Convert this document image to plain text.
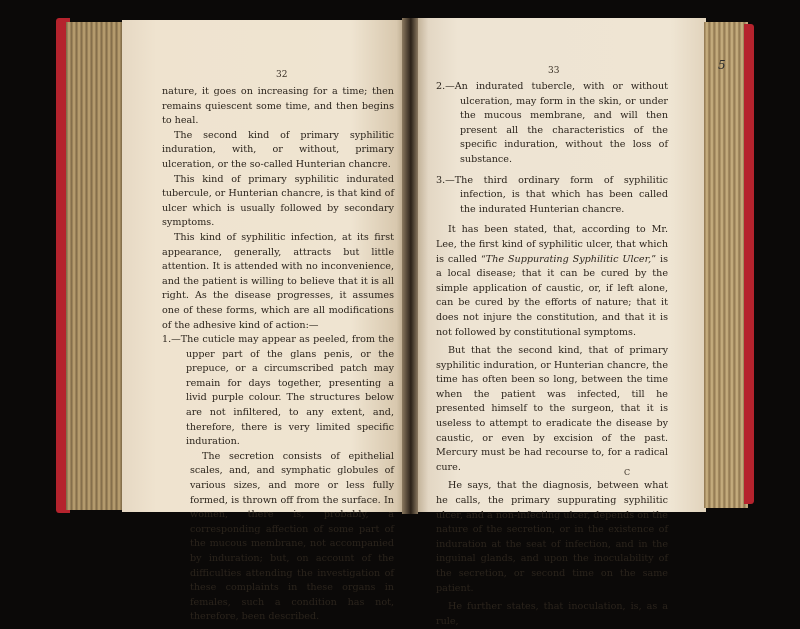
32

nature, it goes on increasing for a time; then remains quiescent some time, and then begins to heal.

The second kind of primary syphilitic induration, with, or without, primary ulceration, or the so-called Hunterian chancre.

This kind of primary syphilitic indurated tubercule, or Hunterian chancre, is that kind of ulcer which is usually followed by secondary symptoms.

This kind of syphilitic infection, at its first appearance, generally, attracts but little attention. It is attended with no inconvenience, and the patient is willing to believe that it is all right. As the disease progresses, it assumes one of these forms, which are all modifications of the adhesive kind of action:—

1.—The cuticle may appear as peeled, from the upper part of the glans penis, or the prepuce, or a circumscribed patch may remain for days together, presenting a livid purple colour. The structures below are not infiltered, to any extent, and, therefore, there is very limited specific induration.

The secretion consists of epithelial scales, and, and symphatic globules of various sizes, and more or less fully formed, is thrown off from the surface. In women, there is, probably, a corresponding affection of some part of the mucous membrane, not accompanied by induration; but, on account of the difficulties attending the investigation of these complaints in these organs in females, such a condition has not, therefore, been described.

33

2.—An indurated tubercle, with or without ulceration, may form in the skin, or under the mucous membrane, and will then present all the characteristics of the specific induration, without the loss of substance.

3.—The third ordinary form of syphilitic infection, is that which has been called the indurated Hunterian chancre.

It has been stated, that, according to Mr. Lee, the first kind of syphilitic ulcer, that which is called “The Suppurating Syphilitic Ulcer,” is a local disease; that it can be cured by the simple application of caustic, or, if left alone, can be cured by the efforts of nature; that it does not injure the constitution, and that it is not followed by constitutional symptoms.

But that the second kind, that of primary syphilitic induration, or Hunterian chancre, the time has often been so long, between the time when the patient was infected, till he presented himself to the surgeon, that it is useless to attempt to eradicate the disease by caustic, or even by excision of the past. Mercury must be had recourse to, for a radical cure.

He says, that the diagnosis, between what he calls, the primary suppurating syphilitic ulcer, and a non-infecting ulcer, depends on the nature of the secretion, or in the existence of induration at the seat of infection, and in the inguinal glands, and upon the inoculability of the secretion, or second time on the same patient.

He further states, that inoculation, is, as a rule,

C
5
